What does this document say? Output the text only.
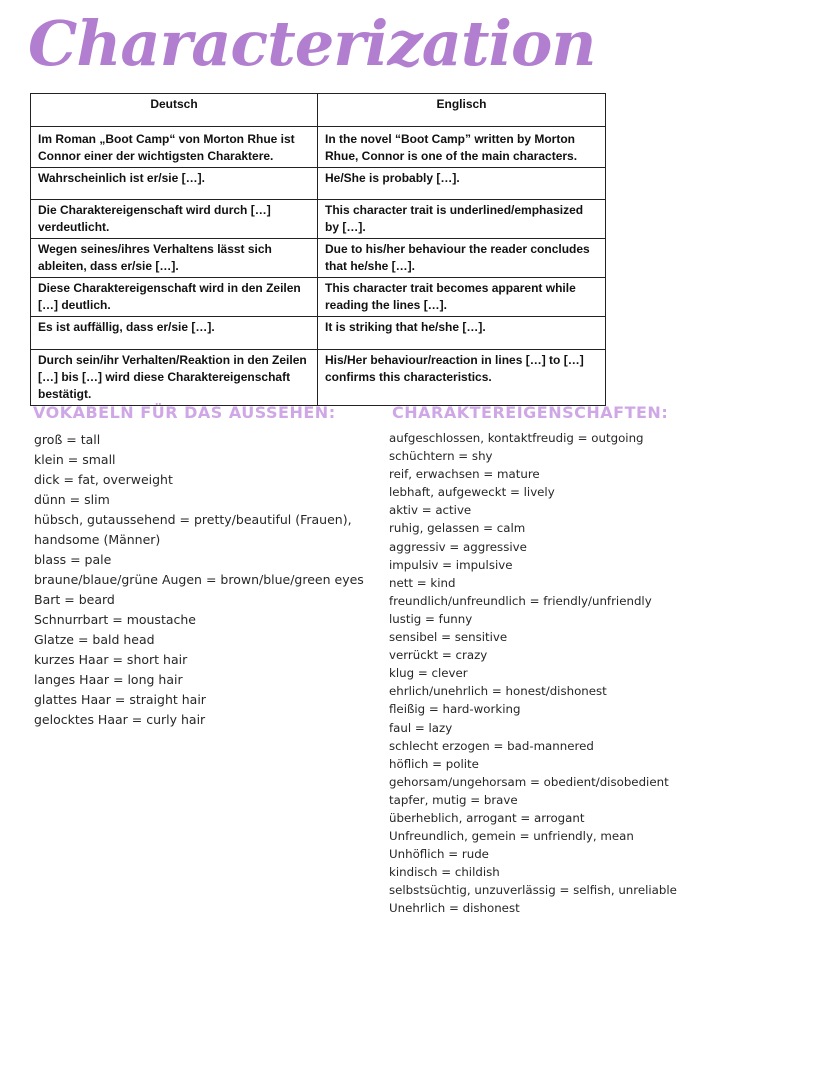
Characterization
Deutsch	Englisch
Im Roman „Boot Camp“ von Morton Rhue ist Connor einer der wichtigsten Charaktere.	In the novel “Boot Camp” written by Morton Rhue, Connor is one of the main characters.
Wahrscheinlich ist er/sie […].	He/She is probably […].
Die Charaktereigenschaft wird durch […] verdeutlicht.	This character trait is underlined/emphasized by […].
Wegen seines/ihres Verhaltens lässt sich ableiten, dass er/sie […].	Due to his/her behaviour the reader concludes that he/she […].
Diese Charaktereigenschaft wird in den Zeilen […] deutlich.	This character trait becomes apparent while reading the lines […].
Es ist auffällig, dass er/sie […].	It is striking that he/she […].
Durch sein/ihr Verhalten/Reaktion in den Zeilen […] bis […] wird diese Charaktereigenschaft bestätigt.	His/Her behaviour/reaction in lines […] to […] confirms this characteristics.
VOKABELN FÜR DAS AUSSEHEN:
groß = tall
klein = small
dick = fat, overweight
dünn = slim
hübsch, gutaussehend = pretty/beautiful (Frauen),
handsome (Männer)
blass = pale
braune/blaue/grüne Augen = brown/blue/green eyes
Bart = beard
Schnurrbart = moustache
Glatze = bald head
kurzes Haar = short hair
langes Haar = long hair
glattes Haar = straight hair
gelocktes Haar = curly hair
CHARAKTEREIGENSCHAFTEN:
aufgeschlossen, kontaktfreudig = outgoing
schüchtern = shy
reif, erwachsen = mature
lebhaft, aufgeweckt = lively
aktiv = active
ruhig, gelassen = calm
aggressiv = aggressive
impulsiv = impulsive
nett = kind
freundlich/unfreundlich = friendly/unfriendly
lustig = funny
sensibel = sensitive
verrückt = crazy
klug = clever
ehrlich/unehrlich = honest/dishonest
fleißig = hard-working
faul = lazy
schlecht erzogen = bad-mannered
höflich = polite
gehorsam/ungehorsam = obedient/disobedient
tapfer, mutig = brave
überheblich, arrogant = arrogant
Unfreundlich, gemein = unfriendly, mean
Unhöflich = rude
kindisch = childish
selbstsüchtig, unzuverlässig = selfish, unreliable
Unehrlich = dishonest
